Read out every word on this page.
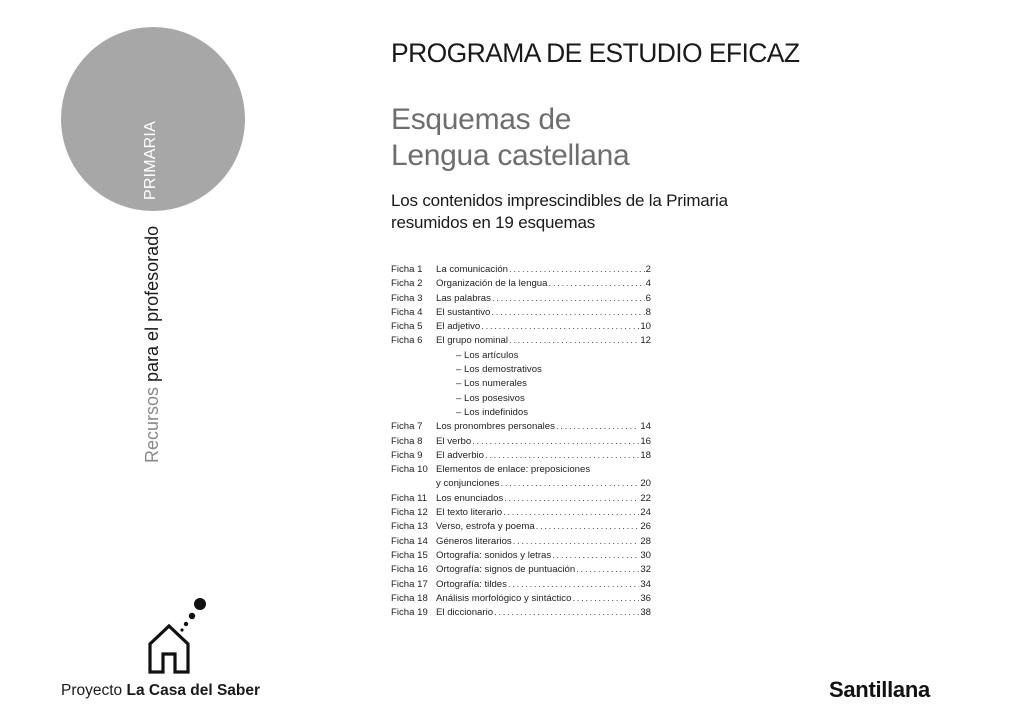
PRIMARIA
Recursos para el profesorado
Proyecto La Casa del Saber
PROGRAMA DE ESTUDIO EFICAZ
Esquemas de
Lengua castellana
Los contenidos imprescindibles de la Primaria
resumidos en 19 esquemas
Ficha 1	La comunicación . . .	2
Ficha 2	Organización de la lengua . . .	4
Ficha 3	Las palabras . . .	6
Ficha 4	El sustantivo . . .	8
Ficha 5	El adjetivo . . .	10
Ficha 6	El grupo nominal . . .	12
– Los artículos
– Los demostrativos
– Los numerales
– Los posesivos
– Los indefinidos
Ficha 7	Los pronombres personales . . .	14
Ficha 8	El verbo . . .	16
Ficha 9	El adverbio . . .	18
Ficha 10 Elementos de enlace: preposiciones
y conjunciones . . .	20
Ficha 11 Los enunciados . . .	22
Ficha 12 El texto literario . . .	24
Ficha 13 Verso, estrofa y poema . . .	26
Ficha 14 Géneros literarios . . .	28
Ficha 15 Ortografía: sonidos y letras . . .	30
Ficha 16 Ortografía: signos de puntuación . . .	32
Ficha 17 Ortografía: tildes . . .	34
Ficha 18 Análisis morfológico y sintáctico . . .	36
Ficha 19 El diccionario . . .	38
Santillana
